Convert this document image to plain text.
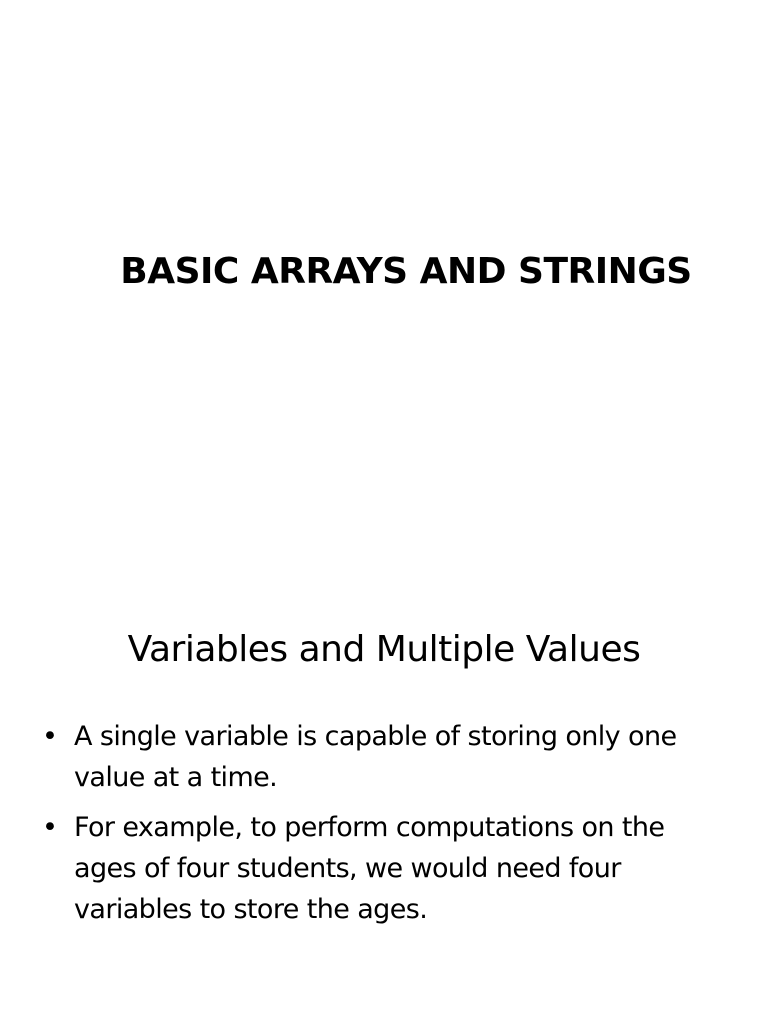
BASIC ARRAYS AND STRINGS
Variables and Multiple Values
• A single variable is capable of storing only one value at a time.
• For example, to perform computations on the ages of four students, we would need four variables to store the ages.
